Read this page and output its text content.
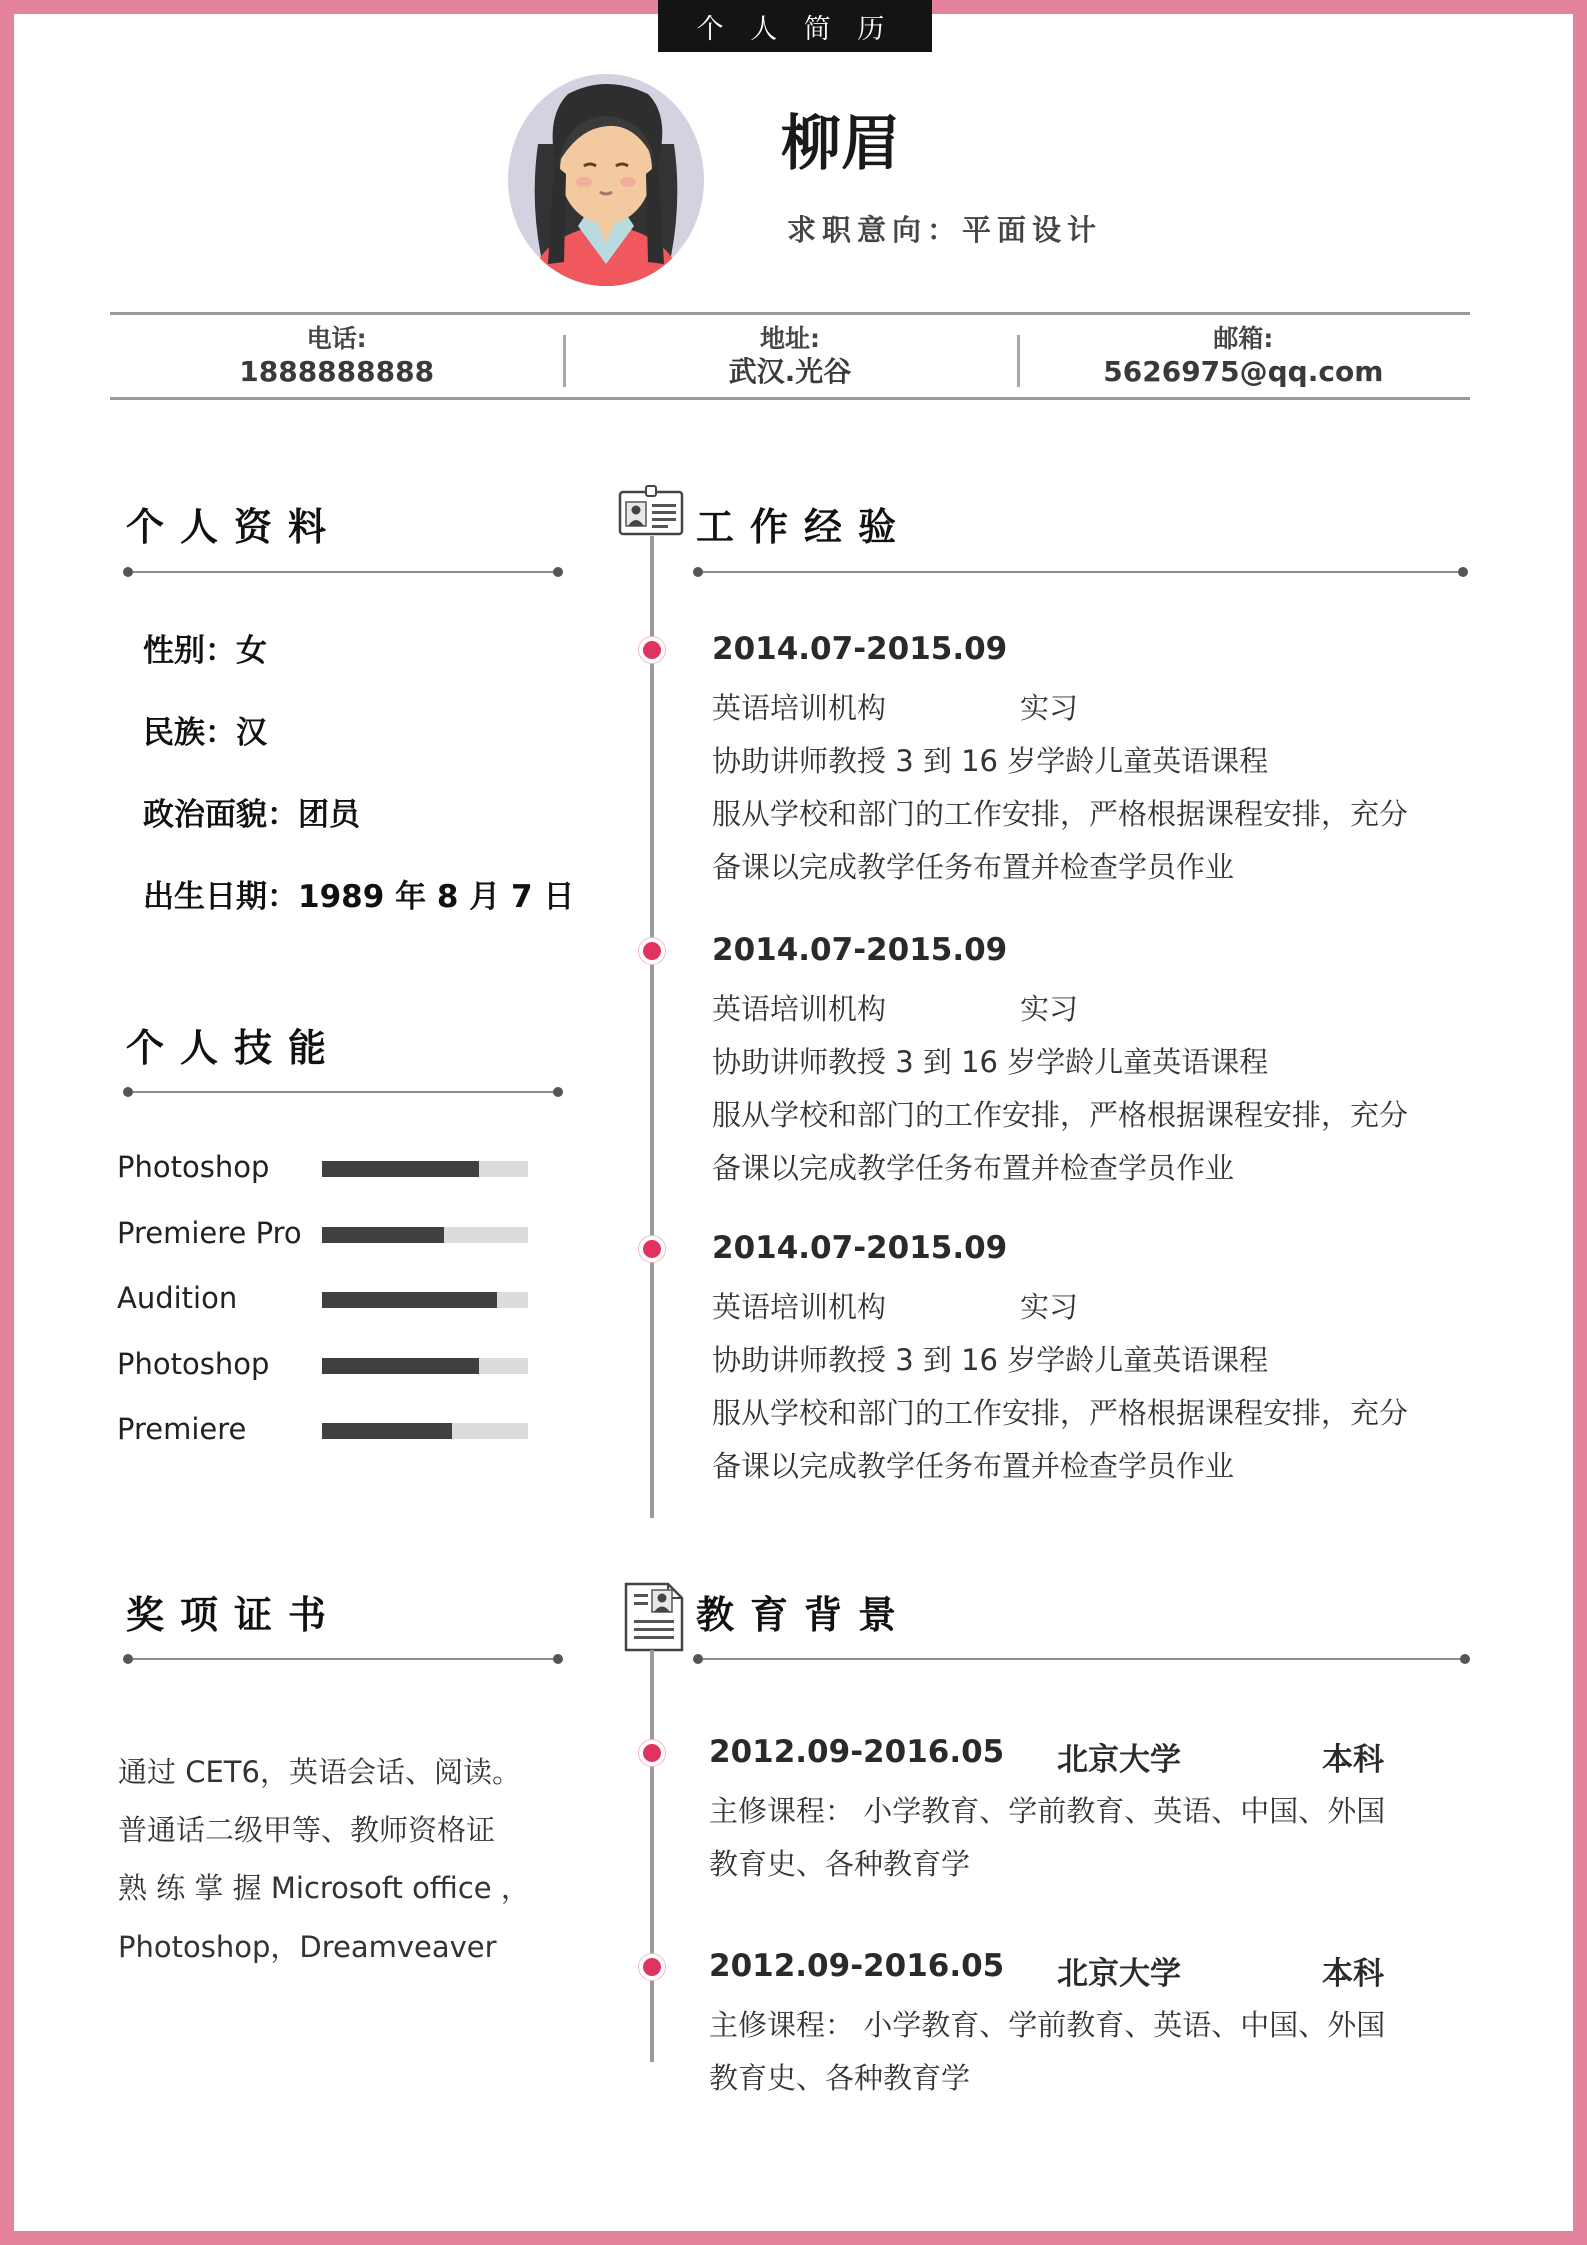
个 人 简 历
柳眉
求职意向：平面设计
电话:
1888888888
地址:
武汉.光谷
邮箱:
5626975@qq.com
个人资料
性别：女
民族：汉
政治面貌：团员
出生日期：1989 年 8 月 7 日
个人技能
Photoshop
Premiere Pro
Audition
Photoshop
Premiere
奖项证书
通过 CET6，英语会话、阅读。
普通话二级甲等、教师资格证
熟 练 掌 握 Microsoft office ，
Photoshop，Dreamveaver
工作经验
2014.07-2015.09
英语培训机构	实习
协助讲师教授 3 到 16 岁学龄儿童英语课程
服从学校和部门的工作安排，严格根据课程安排，充分
备课以完成教学任务布置并检查学员作业
2014.07-2015.09
英语培训机构	实习
协助讲师教授 3 到 16 岁学龄儿童英语课程
服从学校和部门的工作安排，严格根据课程安排，充分
备课以完成教学任务布置并检查学员作业
2014.07-2015.09
英语培训机构	实习
协助讲师教授 3 到 16 岁学龄儿童英语课程
服从学校和部门的工作安排，严格根据课程安排，充分
备课以完成教学任务布置并检查学员作业
教育背景
2012.09-2016.05 北京大学	本科
主修课程： 小学教育、学前教育、英语、中国、外国
教育史、各种教育学
2012.09-2016.05 北京大学	本科
主修课程： 小学教育、学前教育、英语、中国、外国
教育史、各种教育学
